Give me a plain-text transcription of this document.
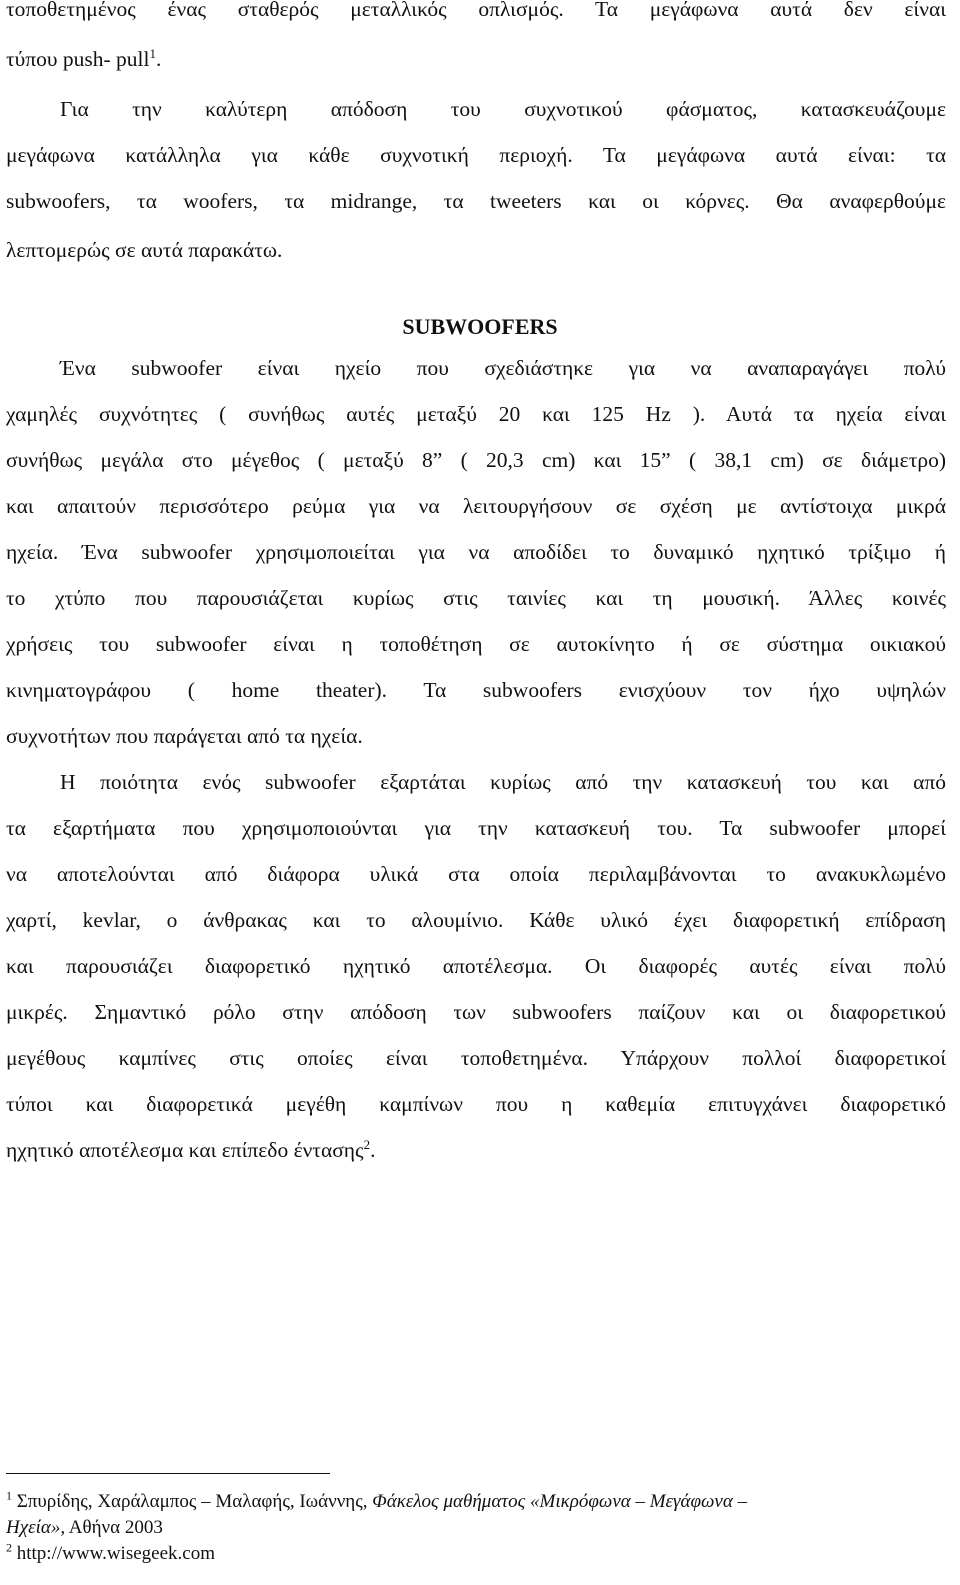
τοποθετημένος ένας σταθερός μεταλλικός οπλισμός. Τα μεγάφωνα αυτά δεν είναι
τύπου push- pull$^1$.
Για την καλύτερη απόδοση του συχνοτικού φάσματος, κατασκευάζουμε
μεγάφωνα κατάλληλα για κάθε συχνοτική περιοχή. Τα μεγάφωνα αυτά είναι: τα
subwoofers, τα woofers, τα midrange, τα tweeters και οι κόρνες. Θα αναφερθούμε
λεπτομερώς σε αυτά παρακάτω.
SUBWOOFERS
Ένα subwoofer είναι ηχείο που σχεδιάστηκε για να αναπαραγάγει πολύ
χαμηλές συχνότητες ( συνήθως αυτές μεταξύ 20 και 125 Hz ). Αυτά τα ηχεία είναι
συνήθως μεγάλα στο μέγεθος ( μεταξύ 8” ( 20,3 cm) και 15” ( 38,1 cm) σε διάμετρο)
και απαιτούν περισσότερο ρεύμα για να λειτουργήσουν σε σχέση με αντίστοιχα μικρά
ηχεία. Ένα subwoofer χρησιμοποιείται για να αποδίδει το δυναμικό ηχητικό τρίξιμο ή
το χτύπο που παρουσιάζεται κυρίως στις ταινίες και τη μουσική. Άλλες κοινές
χρήσεις του subwoofer είναι η τοποθέτηση σε αυτοκίνητο ή σε σύστημα οικιακού
κινηματογράφου ( home theater). Τα subwoofers ενισχύουν τον ήχο υψηλών
συχνοτήτων που παράγεται από τα ηχεία.
Η ποιότητα ενός subwoofer εξαρτάται κυρίως από την κατασκευή του και από
τα εξαρτήματα που χρησιμοποιούνται για την κατασκευή του. Τα subwoofer μπορεί
να αποτελούνται από διάφορα υλικά στα οποία περιλαμβάνονται το ανακυκλωμένο
χαρτί, kevlar, ο άνθρακας και το αλουμίνιο. Κάθε υλικό έχει διαφορετική επίδραση
και παρουσιάζει διαφορετικό ηχητικό αποτέλεσμα. Οι διαφορές αυτές είναι πολύ
μικρές. Σημαντικό ρόλο στην απόδοση των subwoofers παίζουν και οι διαφορετικού
μεγέθους καμπίνες στις οποίες είναι τοποθετημένα. Υπάρχουν πολλοί διαφορετικοί
τύποι και διαφορετικά μεγέθη καμπίνων που η καθεμία επιτυγχάνει διαφορετικό
ηχητικό αποτέλεσμα και επίπεδο έντασης$^2$.
$^1$ Σπυρίδης, Χαράλαμπος – Μαλαφής, Ιωάννης, Φάκελος μαθήματος «Μικρόφωνα – Μεγάφωνα –
Ηχεία», Αθήνα 2003
$^2$ http://www.wisegeek.com
